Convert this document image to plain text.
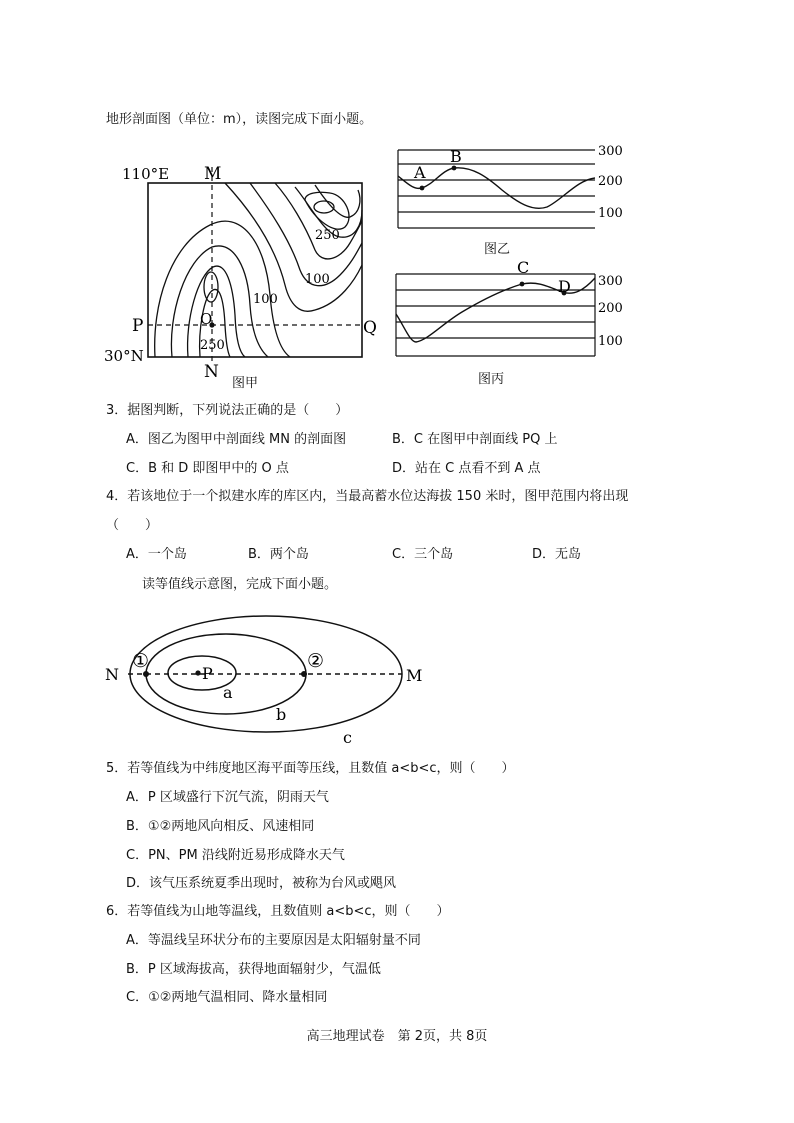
地形剖面图（单位：m），读图完成下面小题。
110°E M
N
P	Q
O
30°N
250
100
100
250
图甲
A
B	300
200
100
图乙
C
D 300
200
100
图丙
3．据图判断，下列说法正确的是（　　）
A．图乙为图甲中剖面线 MN 的剖面图	B．C 在图甲中剖面线 PQ 上
C．B 和 D 即图甲中的 O 点	D．站在 C 点看不到 A 点
4．若该地位于一个拟建水库的库区内，当最高蓄水位达海拔 150 米时，图甲范围内将出现
（　　）
A．一个岛	B．两个岛	C．三个岛	D．无岛
读等值线示意图，完成下面小题。
N	M
P
①	②
a
b
c
5．若等值线为中纬度地区海平面等压线，且数值 a<b<c，则（　　）
A．P 区域盛行下沉气流，阴雨天气
B．①②两地风向相反、风速相同
C．PN、PM 沿线附近易形成降水天气
D．该气压系统夏季出现时，被称为台风或飓风
6．若等值线为山地等温线，且数值则 a<b<c，则（　　）
A．等温线呈环状分布的主要原因是太阳辐射量不同
B．P 区域海拔高，获得地面辐射少，气温低
C．①②两地气温相同、降水量相同
高三地理试卷　第 2页，共 8页
